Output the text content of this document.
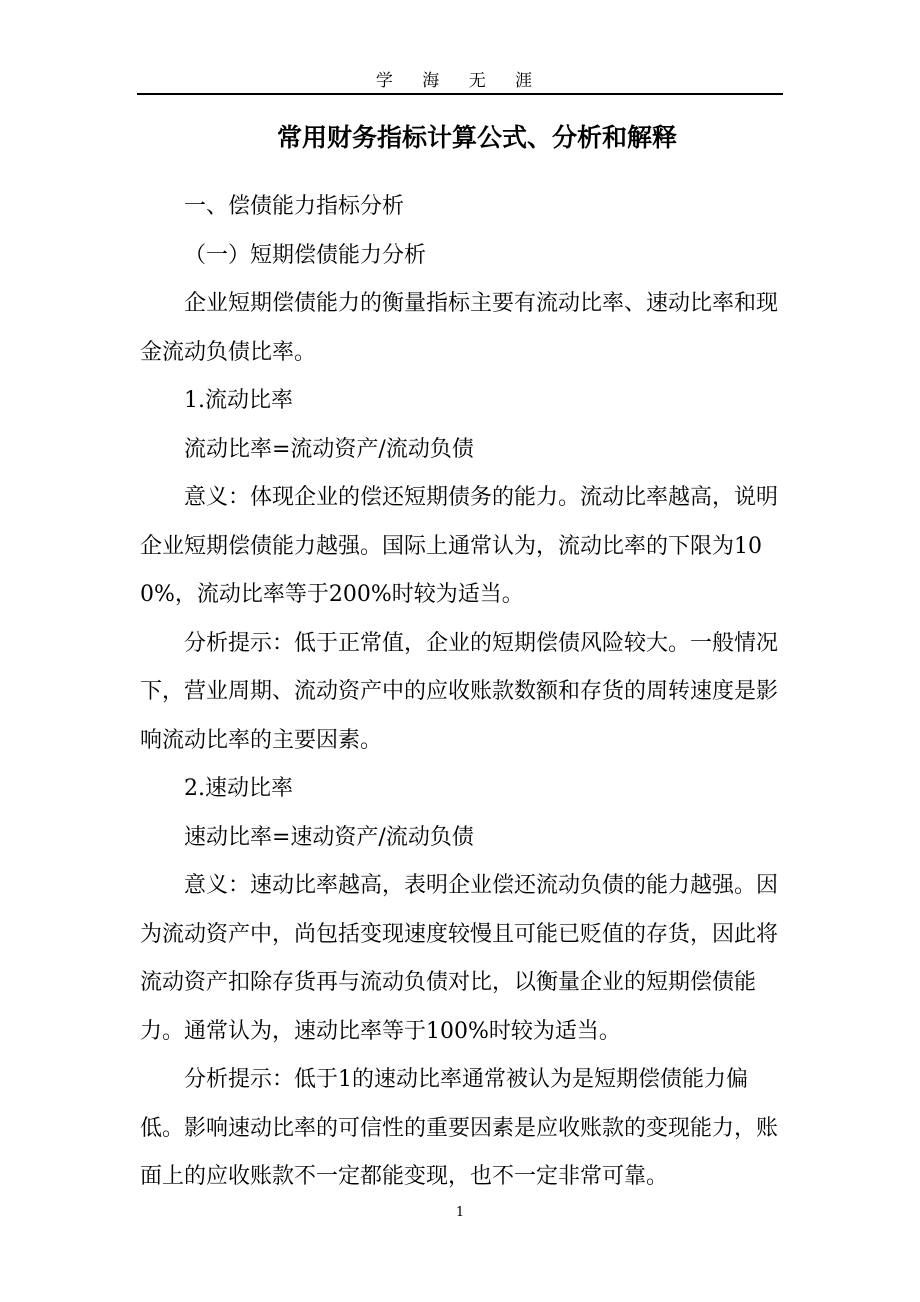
学 海 无 涯
常用财务指标计算公式、分析和解释

一、偿债能力指标分析

（一）短期偿债能力分析

企业短期偿债能力的衡量指标主要有流动比率、速动比率和现金流动负债比率。

1.流动比率

流动比率=流动资产/流动负债

意义：体现企业的偿还短期债务的能力。流动比率越高，说明企业短期偿债能力越强。国际上通常认为，流动比率的下限为100%，流动比率等于200%时较为适当。

分析提示：低于正常值，企业的短期偿债风险较大。一般情况下，营业周期、流动资产中的应收账款数额和存货的周转速度是影响流动比率的主要因素。

2.速动比率

速动比率=速动资产/流动负债

意义：速动比率越高，表明企业偿还流动负债的能力越强。因为流动资产中，尚包括变现速度较慢且可能已贬值的存货，因此将流动资产扣除存货再与流动负债对比，以衡量企业的短期偿债能力。通常认为，速动比率等于100%时较为适当。

分析提示：低于1的速动比率通常被认为是短期偿债能力偏低。影响速动比率的可信性的重要因素是应收账款的变现能力，账面上的应收账款不一定都能变现，也不一定非常可靠。

1
